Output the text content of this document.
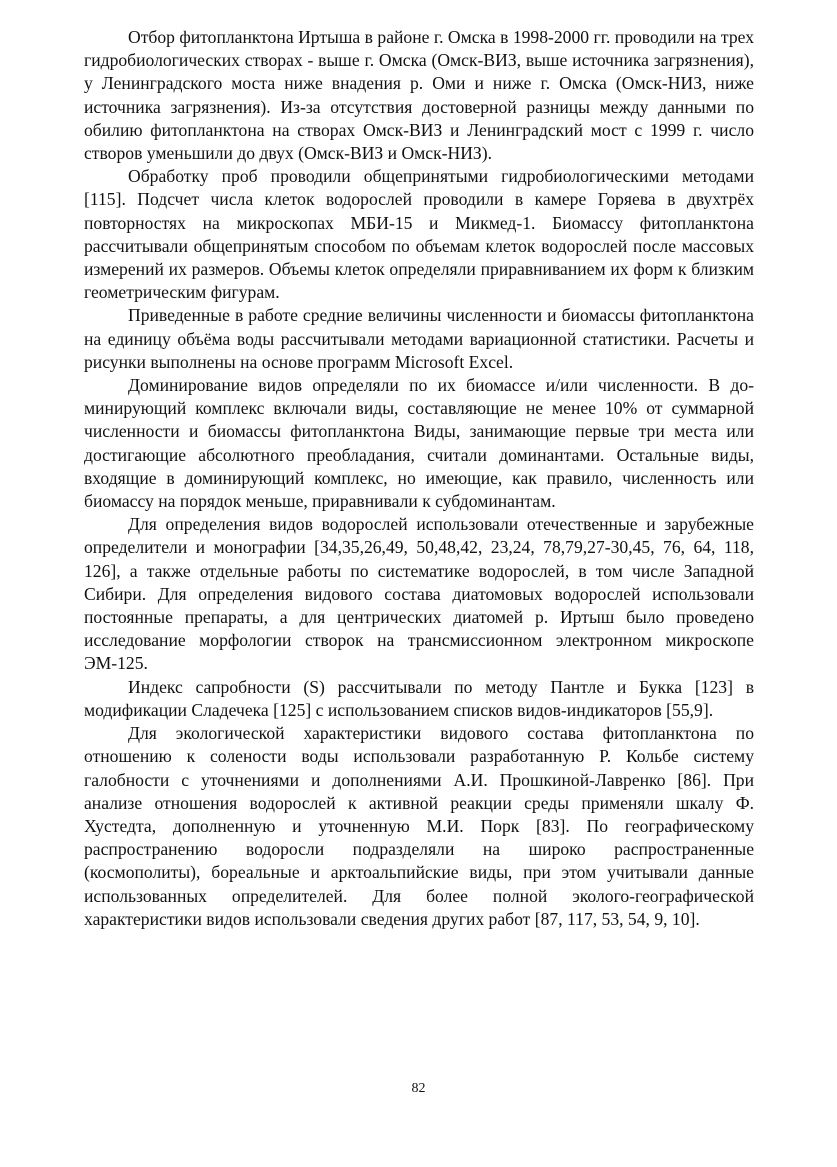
Отбор фитопланктона Иртыша в районе г. Омска в 1998-2000 гг. проводили на трех гидробиологических створах - выше г. Омска (Омск-ВИЗ, выше источника загрязнения), у Ленинградского моста ниже внадения р. Оми и ниже г. Омска (Омск-НИЗ, ниже источника загрязнения). Из-за отсутствия достоверной разницы между данными по обилию фитопланктона на створах Омск-ВИЗ и Ленинградский мост с 1999 г. число створов уменьшили до двух (Омск-ВИЗ и Омск-НИЗ).

Обработку проб проводили общепринятыми гидробиологическими методами [115]. Подсчет числа клеток водорослей проводили в камере Горяева в двухтрёх повторностях на микроскопах МБИ-15 и Микмед-1. Биомассу фитопланктона рассчитывали общепринятым способом по объемам клеток водорослей после массовых измерений их размеров. Объемы клеток определяли приравниванием их форм к близким геометрическим фигурам.

Приведенные в работе средние величины численности и биомассы фитопланктона на единицу объёма воды рассчитывали методами вариационной статистики. Расчеты и рисунки выполнены на основе программ Microsoft Excel.

Доминирование видов определяли по их биомассе и/или численности. В доминирующий комплекс включали виды, составляющие не менее 10% от суммарной численности и биомассы фитопланктона Виды, занимающие первые три места или достигающие абсолютного преобладания, считали доминантами. Остальные виды, входящие в доминирующий комплекс, но имеющие, как правило, численность или биомассу на порядок меньше, приравнивали к субдоминантам.

Для определения видов водорослей использовали отечественные и зарубежные определители и монографии [34,35,26,49, 50,48,42, 23,24, 78,79,27-30,45, 76, 64, 118, 126], а также отдельные работы по систематике водорослей, в том числе Западной Сибири. Для определения видового состава диатомовых водорослей использовали постоянные препараты, а для центрических диатомей р. Иртыш было проведено исследование морфологии створок на трансмиссионном электронном микроскопе ЭМ-125.

Индекс сапробности (S) рассчитывали по методу Пантле и Букка [123] в модификации Сладечека [125] с использованием списков видов-индикаторов [55,9].

Для экологической характеристики видового состава фитопланктона по отношению к солености воды использовали разработанную Р. Кольбе систему галобности с уточнениями и дополнениями А.И. Прошкиной-Лавренко [86]. При анализе отношения водорослей к активной реакции среды применяли шкалу Ф. Хустедта, дополненную и уточненную М.И. Порк [83]. По географическому распространению водоросли подразделяли на широко распространенные (космополиты), бореальные и арктоальпийские виды, при этом учитывали данные использованных определителей. Для более полной эколого-географической характеристики видов использовали сведения других работ [87, 117, 53, 54, 9, 10].

82
